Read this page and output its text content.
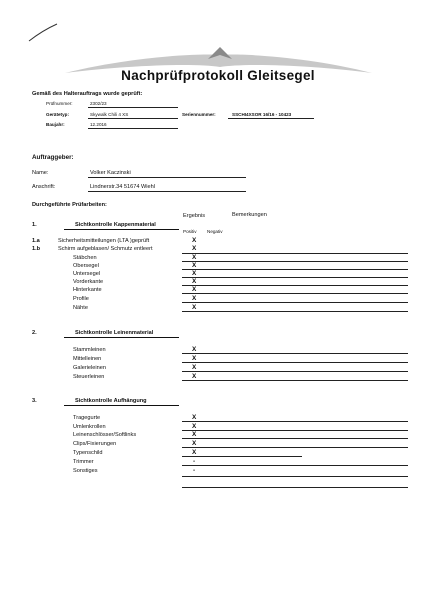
Nachprüfprotokoll Gleitsegel
Gemäß des Halterauftrags wurde geprüft:
Prüfnummer:	2302/23
Gerätetyp:	Skywalk Chili 4 XS	Seriennummer:	SSCHI4XSOR 16/16 - 10423
Baujahr:	12.2016
Auftraggeber:
Name:	Volker Kaczinski
Anschrift:	Lindnerstr.34 51674 Wiehl
Durchgeführte Prüfarbeiten:
Ergebnis	Bemerkungen
1.	Sichtkontrolle Kappenmaterial
Positiv Negativ
1.a	Sicherheitsmitteilungen (LTA )geprüft	X
1.b	Schirm aufgeblasen/ Schmutz entleert	X
Stäbchen	X
Obersegel	X
Untersegel	X
Vorderkante	X
Hinterkante	X
Profile	X
Nähte	X
2.	Sichtkontrolle Leinenmaterial
Stammleinen	X
Mittelleinen	X
Galerieleinen	X
Steuerleinen	X
3.	Sichtkontrolle Aufhängung
Tragegurte	X
Umlenkrollen	X
Leinenschlösser/Softlinks	X
Clips/Fixierungen	X
Typenschild	X
Trimmer	-
Sonstiges	-
